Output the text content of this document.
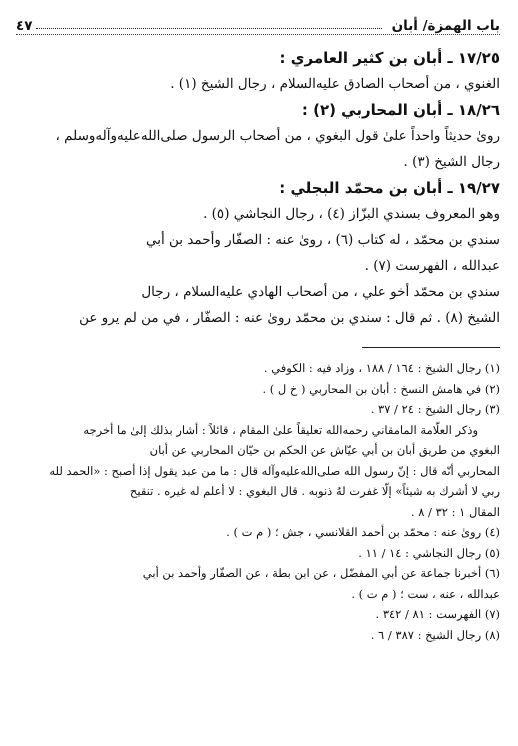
باب الهمزة/ أبان
٤٧

١٧/٢٥ ـ أبان بن كثير العامري :

الغنوي ، من أصحاب الصادق عليه‌السلام ، رجال الشيخ (١) .

١٨/٢٦ ـ أبان المحاربي (٢) :

روىٰ حديثاً واحداً علىٰ قول البغوي ، من أصحاب الرسول صلى‌الله‌عليه‌وآله‌وسلم ،

رجال الشيخ (٣) .

١٩/٢٧ ـ أبان بن محمّد البجلي :

وهو المعروف بسندي البزّاز (٤) ، رجال النجاشي (٥) .

سندي بن محمّد ، له كتاب (٦) ، روىٰ عنه : الصفّار وأحمد بن أبي

عبدالله ، الفهرست (٧) .

سندي بن محمّد أخو علي ، من أصحاب الهادي عليه‌السلام ، رجال

الشيخ (٨) . ثم قال : سندي بن محمّد روىٰ عنه : الصفّار ، في من لم يرو عن

(١) رجال الشيخ : ١٦٤ / ١٨٨ ، وزاد فيه : الكوفي .

(٢) في هامش النسخ : أبان بن المحاربي ( خ ل ) .

(٣) رجال الشيخ : ٢٤ / ٣٧ .

وذكر العلّامة المامقاني رحمه‌الله تعليقاً علىٰ المقام ، قائلاً : أشار بذلك إلىٰ ما أخرجه

البغوي من طريق أبان بن أبي عيّاش عن الحكم بن حيّان المحاربي عن أبان

المحاربي أنّه قال : إنّ رسول الله صلى‌الله‌عليه‌وآله قال : ما من عبد يقول إذا أصبح : «الحمد لله

ربي لا أشرك به شيئاً» إلّا غفرت لهُ ذنوبه . قال البغوي : لا أعلم له غيره . تنقيح

المقال ١ : ٣٢ / ٨ .

(٤) روىٰ عنه : محمّد بن أحمد القلانسي ، جش ؛ ( م ت ) .

(٥) رجال النجاشي : ١٤ / ١١ .

(٦) أخبرنا جماعة عن أبي المفضّل ، عن ابن بطة ، عن الصفّار وأحمد بن أبي

عبدالله ، عنه ، ست ؛ ( م ت ) .

(٧) الفهرست : ٨١ / ٣٤٢ .

(٨) رجال الشيخ : ٣٨٧ / ٦ .
